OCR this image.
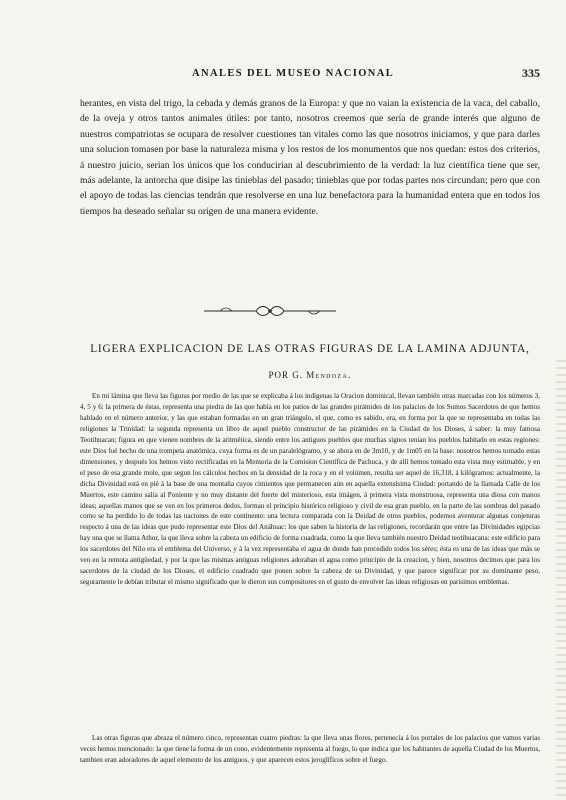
ANALES DEL MUSEO NACIONAL	335

herantes, en vista del trigo, la cebada y demás granos de la Europa: y que no vaian la existencia de la vaca, del caballo, de la oveja y otros tantos animales útiles: por tanto, nosotros creemos que sería de grande interés que alguno de nuestros compatriotas se ocupara de resolver cuestiones tan vitales como las que nosotros iniciamos, y que para darles una solucion tomasen por base la naturaleza misma y los restos de los monumentos que nos quedan: estos dos criterios, á nuestro juicio, serian los únicos que los conducirian al descubrimiento de la verdad: la luz científica tiene que ser, más adelante, la antorcha que disipe las tinieblas del pasado; tinieblas que por todas partes nos circundan; pero que con el apoyo de todas las ciencias tendrán que resolverse en una luz benefactora para la humanidad entera que en todos los tiempos ha deseado señalar su orígen de una manera evidente.

LIGERA EXPLICACION DE LAS OTRAS FIGURAS DE LA LAMINA ADJUNTA,
POR G. Mendoza.

En mi lámina que lleva las figuras por medio de las que se explicaba á los indígenas la Oracion dominical, llevan también otras marcadas con los números 3, 4, 5 y 6: la primera de éstas, representa una piedra de las que había en los patios de las grandes pirámides de los palacios de los Sumos Sacerdotes de que hemos hablado en el número anterior, y las que estaban formadas en un gran triángulo, el que, como es sabido, era, en forma por la que se representaba en todas las religiones la Trinidad: la segunda representa un libro de aquel pueblo constructor de las pirámides en la Ciudad de los Dioses, á saber: la muy famosa Teotihuacan; figura en que vienen nombres de la aritmética, siendo entre los antiguos pueblos que muchas signos tenían los pueblos habitado en estas regiones: este Dios fué hecho de una trompeta anatómica, cuya forma es de un paralelógramo, y se ahora en de 3m10, y de 1m05 en la base: nosotros hemos tomado estas dimensiones, y después los hemos visto rectificadas en la Memoria de la Comision Científica de Pachuca, y de allí hemos tomado esta vista muy estimable, y en el peso de esa grande mole, que segun los cálculos hechos en la densidad de la roca y en el volúmen, resulta ser aquel de 16,318, á kilógramos: actualmente, la dicha Divinidad está en pié á la base de una montaña cuyos cimientos que permanecen aún en aquella extensísima Ciudad: portando de la llamada Calle de los Muertos, este camino salía al Poniente y no muy distante del fuerte del misterioso, esta imágen, á primera vista monstruosa, representa una diosa con manos ideas; aquellas manos que se ven en los primeros dedos, forman el principio histórico religioso y civil de esa gran pueblo, en la parte de las sombras del pasado como se ha perdido lo de todas las naciones de este continente: una lectura comparada con la Deidad de otros pueblos, podemos aventurar algunas conjeturas respecto á una de las ideas que pudo representar este Dios del Anáhuac: los que saben la historia de las religiones, recordarán que entre las Divinidades egipcias hay una que se llama Athor, la que lleva sobre la cabeza un edificio de forma cuadrada, como la que lleva también nuestro Deidad teotihuacana: este edificio para los sacerdotes del Nilo era el emblema del Universo, y á la vez representaba el agua de donde han procedido todos los séres; ésta es una de las ideas que más se ven en la remota antigüedad, y por la que las mismas antiguas religiones adoraban el agua como principio de la creacion, y bien, nosotros decimos que para los sacerdotes de la ciudad de los Dioses, el edificio cuadrado que ponen sobre la cabeza de su Divinidad, y que parece significar por su dominante peso, seguramente le debían tributar el mismo significado que le dieron sus compositores en el gusto de envolver las ideas religiosas en parisimos emblemas.

Las otras figuras que abraza el número cinco, representan cuatro piedras: la que lleva unas flores, pertenecía á los portales de los palacios que vamos varias veces hemos mencionado: la que tiene la forma de un cono, evidentemente representa al fuego, lo que indica que los habitantes de aquella Ciudad de los Muertos, tambien eran adoradores de aquel elemento de los antiguos, y que aparecen estos jeroglíficos sobre el fuego.
